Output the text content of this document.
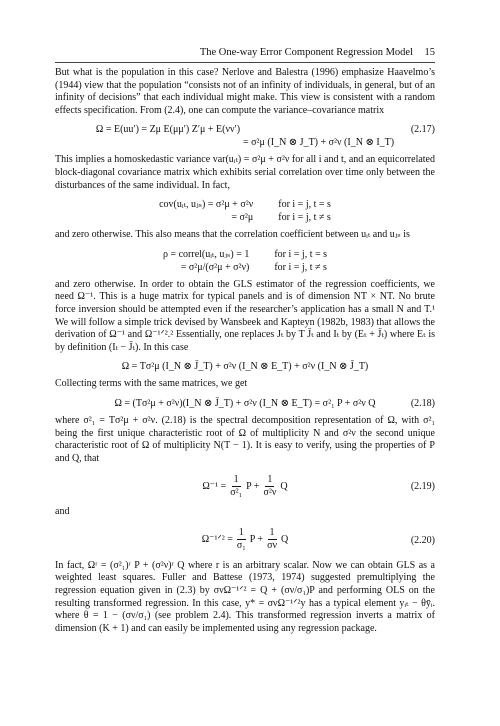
The One-way Error Component Regression Model 15

But what is the population in this case? Nerlove and Balestra (1996) emphasize Haavelmo’s (1944) view that the population “consists not of an infinity of individuals, in general, but of an infinity of decisions” that each individual might make. This view is consistent with a random effects specification. From (2.4), one can compute the variance–covariance matrix

Ω = E(uu′) = Zμ E(μμ′) Z′μ + E(νν′)
= σ²μ (I_N ⊗ J_T) + σ²ν (I_N ⊗ I_T)
(2.17)

This implies a homoskedastic variance var(uᵢₜ) = σ²μ + σ²ν for all i and t, and an equicorrelated block-diagonal covariance matrix which exhibits serial correlation over time only between the disturbances of the same individual. In fact,

cov(uᵢₜ, uⱼₛ) = σ²μ + σ²ν	for i = j, t = s
= σ²μ	for i = j, t ≠ s

and zero otherwise. This also means that the correlation coefficient between uᵢₜ and uⱼₛ is

ρ = correl(uᵢₜ, uⱼₛ) = 1	for i = j, t = s
= σ²μ/(σ²μ + σ²ν)	for i = j, t ≠ s

and zero otherwise. In order to obtain the GLS estimator of the regression coefficients, we need Ω⁻¹. This is a huge matrix for typical panels and is of dimension NT × NT. No brute force inversion should be attempted even if the researcher’s application has a small N and T.¹ We will follow a simple trick devised by Wansbeek and Kapteyn (1982b, 1983) that allows the derivation of Ω⁻¹ and Ω⁻¹ᐟ².² Essentially, one replaces Jₜ by T J̄ₜ and Iₜ by (Eₜ + J̄ₜ) where Eₜ is by definition (Iₜ − J̄ₜ). In this case

Ω = Tσ²μ (I_N ⊗ J̄_T) + σ²ν (I_N ⊗ E_T) + σ²ν (I_N ⊗ J̄_T)

Collecting terms with the same matrices, we get

Ω = (Tσ²μ + σ²ν)(I_N ⊗ J̄_T) + σ²ν (I_N ⊗ E_T) = σ²₁ P + σ²ν Q	(2.18)

where σ²₁ = Tσ²μ + σ²ν. (2.18) is the spectral decomposition representation of Ω, with σ²₁ being the first unique characteristic root of Ω of multiplicity N and σ²ν the second unique characteristic root of Ω of multiplicity N(T − 1). It is easy to verify, using the properties of P and Q, that

$\Omega^{-1} = \frac{1}{\text{σ²₁}}$ $P + \frac{1}{\text{σ²ν}}$ Q	(2.19)

and

Ω⁻¹ᐟ² = $\frac{1}{\text{σ₁}}$ $P + \frac{1}{\sigma\nu}$ Q	(2.20)

In fact, Ωʳ = (σ²₁)ʳ P + (σ²ν)ʳ Q where r is an arbitrary scalar. Now we can obtain GLS as a weighted least squares. Fuller and Battese (1973, 1974) suggested premultiplying the regression equation given in (2.3) by σνΩ⁻¹ᐟ² = Q + (σν/σ₁)P and performing OLS on the resulting transformed regression. In this case, y* = σνΩ⁻¹ᐟ²y has a typical element yᵢₜ − θȳᵢ. where θ = 1 − (σν/σ₁) (see problem 2.4). This transformed regression inverts a matrix of dimension (K + 1) and can easily be implemented using any regression package.
